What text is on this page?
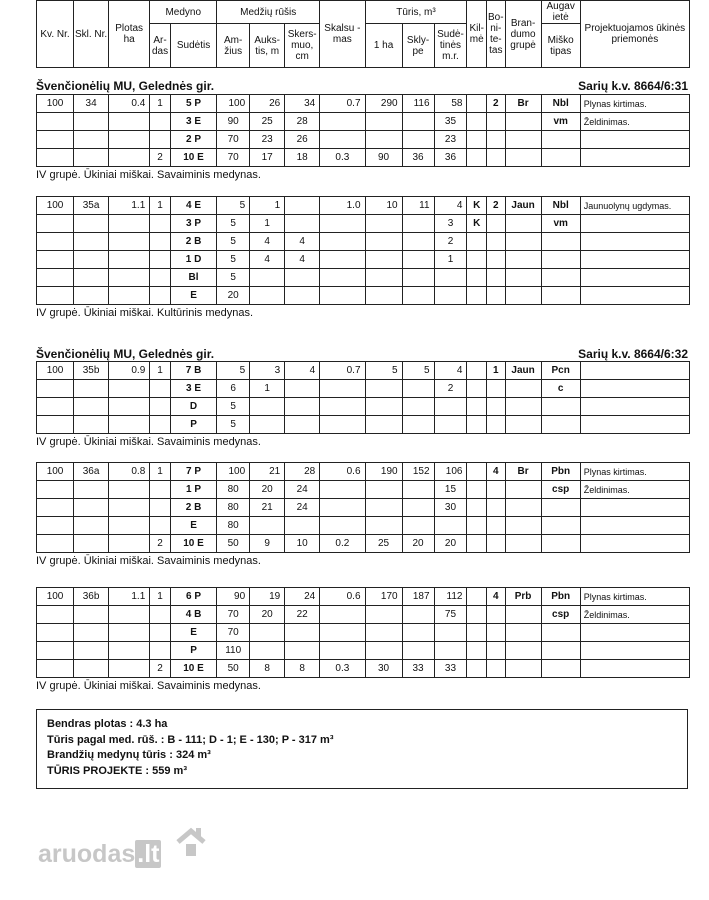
Kv. Nr.	Skl. Nr.	Plotas ha	Medyno		Medžių rūšis			Skalsu - mas	Tūris, m³			Kil- mė	Bo- ni- te- tas	Bran- dumo grupė	Augav ietė	Projektuojamos ūkinės priemonės
			Ar- das	Sudėtis	Am- žius	Auks- tis, m	Skers- muo, cm		1 ha	Skly- pe	Sudė- tinės m.r.				Miško tipas	
Švenčionėlių MU, Gelednės gir.	Sarių k.v. 8664/6:31
Švenčionėlių MU, Gelednės gir.	Sarių k.v. 8664/6:32
100	34	0.4	1	5 P	100	26	34	0.7	290	116	58		2	Br	Nbl	Plynas kirtimas.
				3 E	90	25	28				35				vm	Želdinimas.
				2 P	70	23	26				23					
			2	10 E	70	17	18	0.3	90	36	36					
IV grupė. Ūkiniai miškai. Savaiminis medynas.
100	35a	1.1	1	4 E	5	1		1.0	10	11	4	K	2	Jaun	Nbl	Jaunuolynų ugdymas.
				3 P	5	1					3	K			vm	
				2 B	5	4	4				2					
				1 D	5	4	4				1					
				Bl	5											
				E	20											
IV grupė. Ūkiniai miškai. Kultūrinis medynas.
100	35b	0.9	1	7 B	5	3	4	0.7	5	5	4		1	Jaun	Pcn	
				3 E	6	1					2				c	
				D	5											
				P	5											
IV grupė. Ūkiniai miškai. Savaiminis medynas.
100	36a	0.8	1	7 P	100	21	28	0.6	190	152	106		4	Br	Pbn	Plynas kirtimas.
				1 P	80	20	24				15				csp	Želdinimas.
				2 B	80	21	24				30					
				E	80											
			2	10 E	50	9	10	0.2	25	20	20					
IV grupė. Ūkiniai miškai. Savaiminis medynas.
100	36b	1.1	1	6 P	90	19	24	0.6	170	187	112		4	Prb	Pbn	Plynas kirtimas.
				4 B	70	20	22				75				csp	Želdinimas.
				E	70											
				P	110											
			2	10 E	50	8	8	0.3	30	33	33					
IV grupė. Ūkiniai miškai. Savaiminis medynas.
Bendras plotas : 4.3 ha
Tūris pagal med. rūš. : B - 111; D - 1; E - 130; P - 317 m³
Brandžių medynų tūris : 324 m³
TŪRIS PROJEKTE : 559 m³
aruodas.lt
